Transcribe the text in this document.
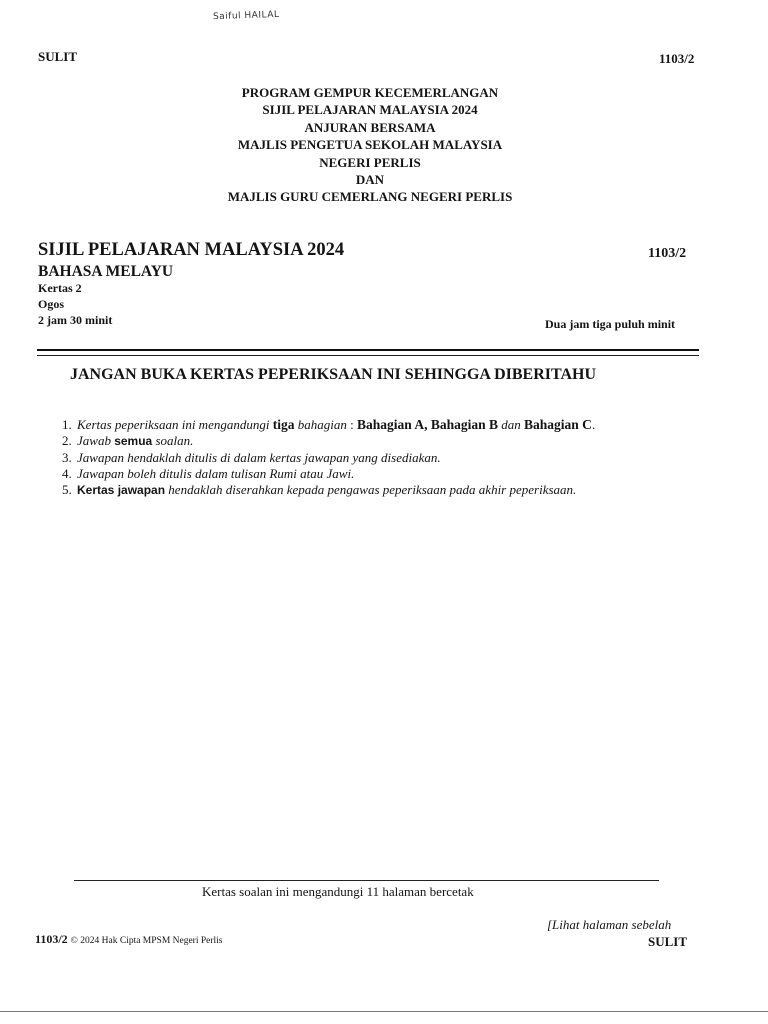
Saiful HAILAL
SULIT	1103/2
PROGRAM GEMPUR KECEMERLANGAN
SIJIL PELAJARAN MALAYSIA 2024
ANJURAN BERSAMA
MAJLIS PENGETUA SEKOLAH MALAYSIA
NEGERI PERLIS
DAN
MAJLIS GURU CEMERLANG NEGERI PERLIS
SIJIL PELAJARAN MALAYSIA 2024	1103/2
BAHASA MELAYU
Kertas 2
Ogos
2 jam 30 minit	Dua jam tiga puluh minit
JANGAN BUKA KERTAS PEPERIKSAAN INI SEHINGGA DIBERITAHU
1. Kertas peperiksaan ini mengandungi tiga bahagian : Bahagian A, Bahagian B dan Bahagian C.
2. Jawab semua soalan.
3. Jawapan hendaklah ditulis di dalam kertas jawapan yang disediakan.
4. Jawapan boleh ditulis dalam tulisan Rumi atau Jawi.
5. Kertas jawapan hendaklah diserahkan kepada pengawas peperiksaan pada akhir peperiksaan.
Kertas soalan ini mengandungi 11 halaman bercetak
[Lihat halaman sebelah
1103/2 © 2024 Hak Cipta MPSM Negeri Perlis	SULIT
